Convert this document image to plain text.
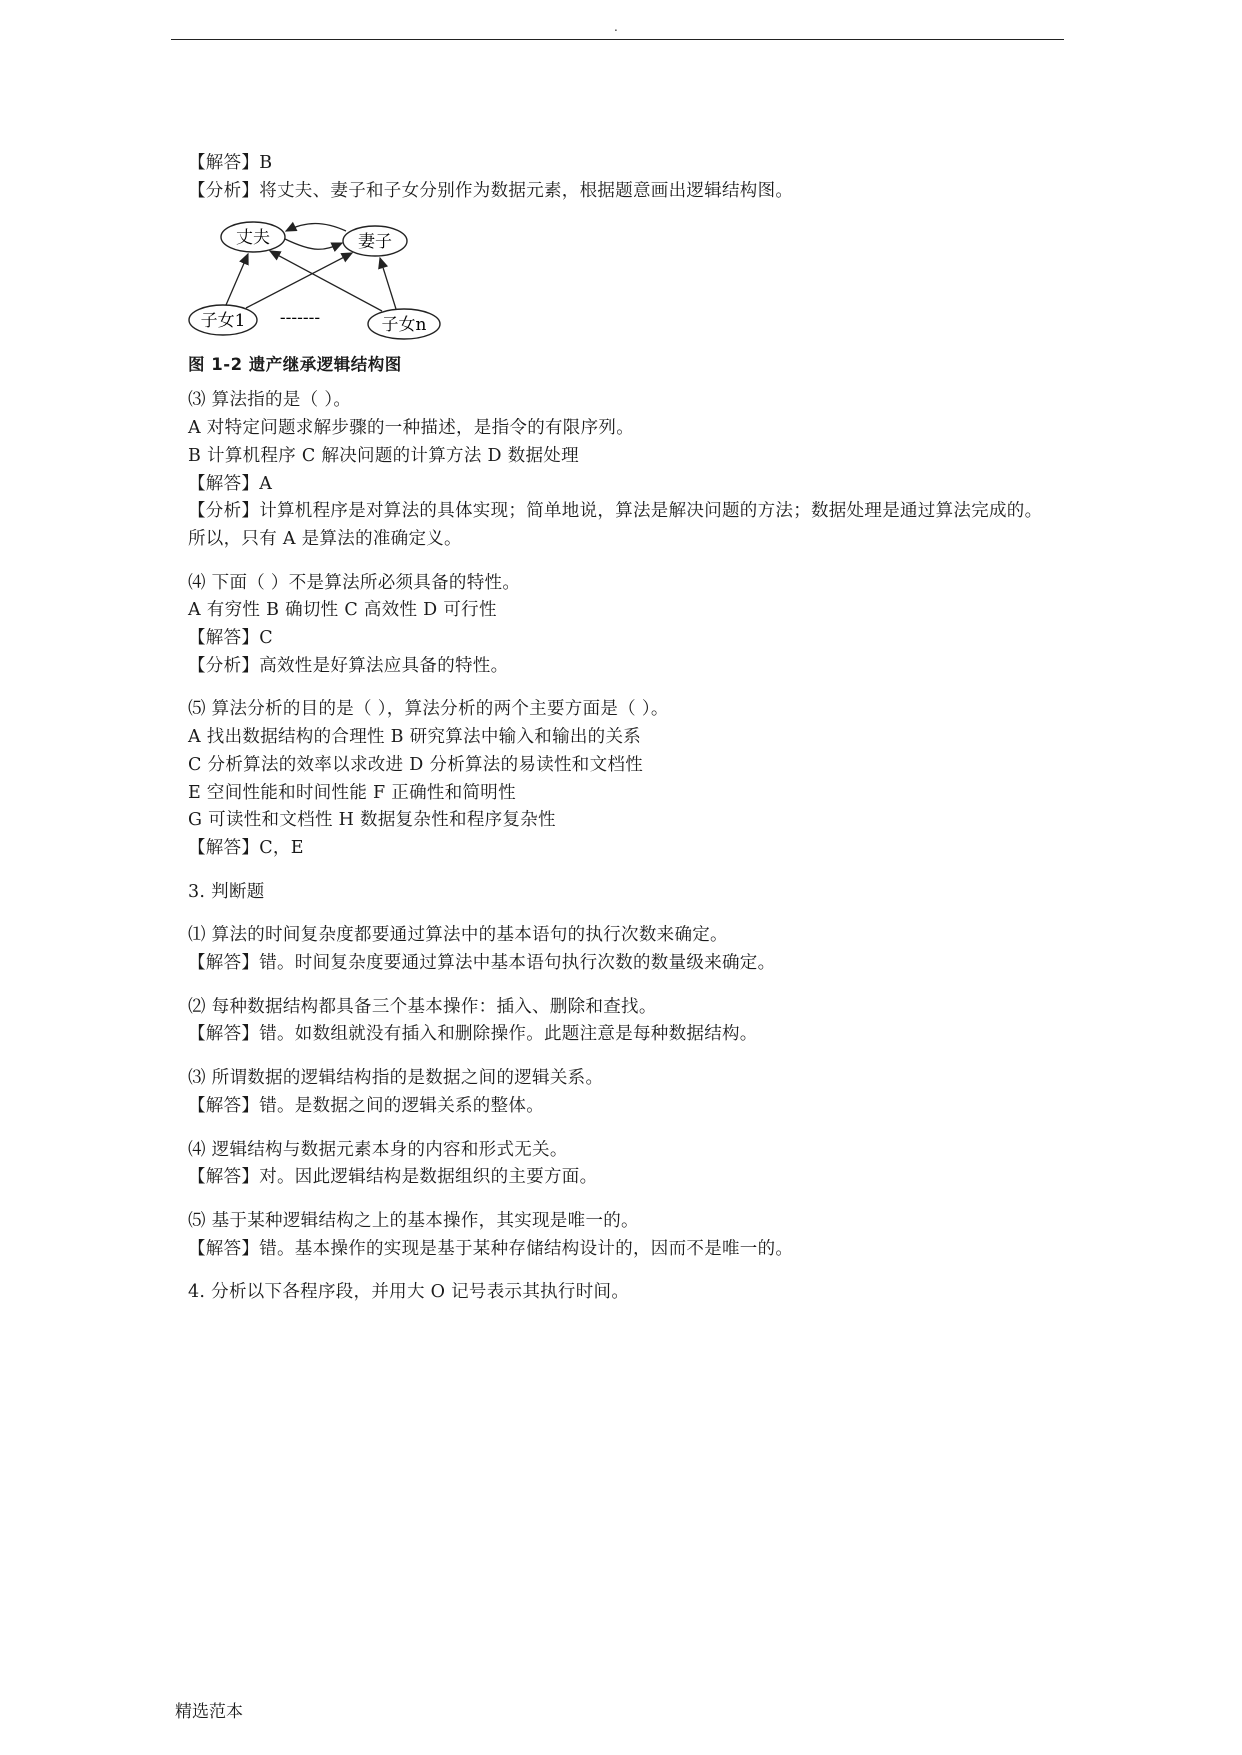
.
【解答】B
【分析】将丈夫、妻子和子女分别作为数据元素，根据题意画出逻辑结构图。
丈夫	妻子
子女1	子女n
-------
图 1-2 遗产继承逻辑结构图
⑶ 算法指的是（ ）。
A 对特定问题求解步骤的一种描述，是指令的有限序列。
B 计算机程序 C 解决问题的计算方法 D 数据处理
【解答】A
【分析】计算机程序是对算法的具体实现；简单地说，算法是解决问题的方法；数据处理是通过算法完成的。所以，只有 A 是算法的准确定义。
⑷ 下面（ ）不是算法所必须具备的特性。
A 有穷性 B 确切性 C 高效性 D 可行性
【解答】C
【分析】高效性是好算法应具备的特性。
⑸ 算法分析的目的是（ ），算法分析的两个主要方面是（ ）。
A 找出数据结构的合理性 B 研究算法中输入和输出的关系
C 分析算法的效率以求改进 D 分析算法的易读性和文档性
E 空间性能和时间性能 F 正确性和简明性
G 可读性和文档性 H 数据复杂性和程序复杂性
【解答】C，E
3. 判断题
⑴ 算法的时间复杂度都要通过算法中的基本语句的执行次数来确定。
【解答】错。时间复杂度要通过算法中基本语句执行次数的数量级来确定。
⑵ 每种数据结构都具备三个基本操作：插入、删除和查找。
【解答】错。如数组就没有插入和删除操作。此题注意是每种数据结构。
⑶ 所谓数据的逻辑结构指的是数据之间的逻辑关系。
【解答】错。是数据之间的逻辑关系的整体。
⑷ 逻辑结构与数据元素本身的内容和形式无关。
【解答】对。因此逻辑结构是数据组织的主要方面。
⑸ 基于某种逻辑结构之上的基本操作，其实现是唯一的。
【解答】错。基本操作的实现是基于某种存储结构设计的，因而不是唯一的。
4. 分析以下各程序段，并用大 O 记号表示其执行时间。
精选范本
